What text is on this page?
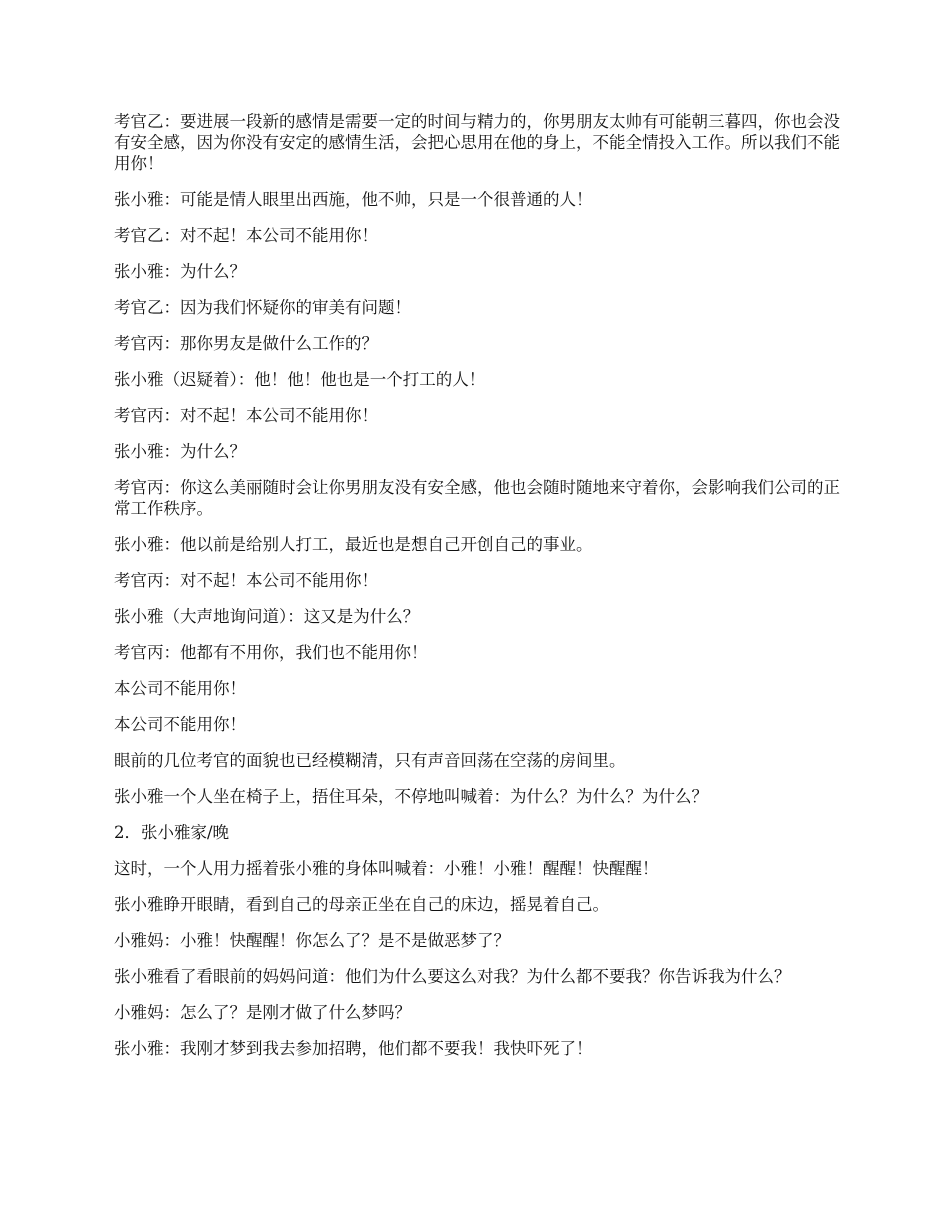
考官乙：要进展一段新的感情是需要一定的时间与精力的，你男朋友太帅有可能朝三暮四，你也会没有安全感，因为你没有安定的感情生活，会把心思用在他的身上，不能全情投入工作。所以我们不能用你！

张小雅：可能是情人眼里出西施，他不帅，只是一个很普通的人！

考官乙：对不起！本公司不能用你！

张小雅：为什么？

考官乙：因为我们怀疑你的审美有问题！

考官丙：那你男友是做什么工作的？

张小雅（迟疑着）：他！他！他也是一个打工的人！

考官丙：对不起！本公司不能用你！

张小雅：为什么？

考官丙：你这么美丽随时会让你男朋友没有安全感，他也会随时随地来守着你，会影响我们公司的正常工作秩序。

张小雅：他以前是给别人打工，最近也是想自己开创自己的事业。

考官丙：对不起！本公司不能用你！

张小雅（大声地询问道）：这又是为什么？

考官丙：他都有不用你，我们也不能用你！

本公司不能用你！

本公司不能用你！

眼前的几位考官的面貌也已经模糊清，只有声音回荡在空荡的房间里。

张小雅一个人坐在椅子上，捂住耳朵，不停地叫喊着：为什么？为什么？为什么？

2．张小雅家/晚

这时，一个人用力摇着张小雅的身体叫喊着：小雅！小雅！醒醒！快醒醒！

张小雅睁开眼睛，看到自己的母亲正坐在自己的床边，摇晃着自己。

小雅妈：小雅！快醒醒！你怎么了？是不是做恶梦了？

张小雅看了看眼前的妈妈问道：他们为什么要这么对我？为什么都不要我？你告诉我为什么？

小雅妈：怎么了？是刚才做了什么梦吗？

张小雅：我刚才梦到我去参加招聘，他们都不要我！我快吓死了！
